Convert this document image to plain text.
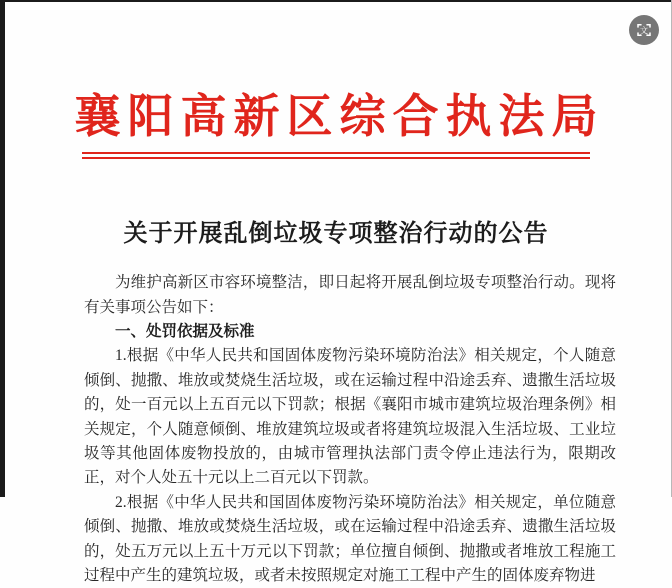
文
襄阳高新区综合执法局
关于开展乱倒垃圾专项整治行动的公告

为维护高新区市容环境整洁，即日起将开展乱倒垃圾专项整治行动。现将有关事项公告如下：

一、处罚依据及标准

1.根据《中华人民共和国固体废物污染环境防治法》相关规定，个人随意倾倒、抛撒、堆放或焚烧生活垃圾，或在运输过程中沿途丢弃、遗撒生活垃圾的，处一百元以上五百元以下罚款；根据《襄阳市城市建筑垃圾治理条例》相关规定，个人随意倾倒、堆放建筑垃圾或者将建筑垃圾混入生活垃圾、工业垃圾等其他固体废物投放的，由城市管理执法部门责令停止违法行为，限期改正，对个人处五十元以上二百元以下罚款。

2.根据《中华人民共和国固体废物污染环境防治法》相关规定，单位随意倾倒、抛撒、堆放或焚烧生活垃圾，或在运输过程中沿途丢弃、遗撒生活垃圾的，处五万元以上五十万元以下罚款；单位擅自倾倒、抛撒或者堆放工程施工过程中产生的建筑垃圾，或者未按照规定对施工工程中产生的固体废弃物进
